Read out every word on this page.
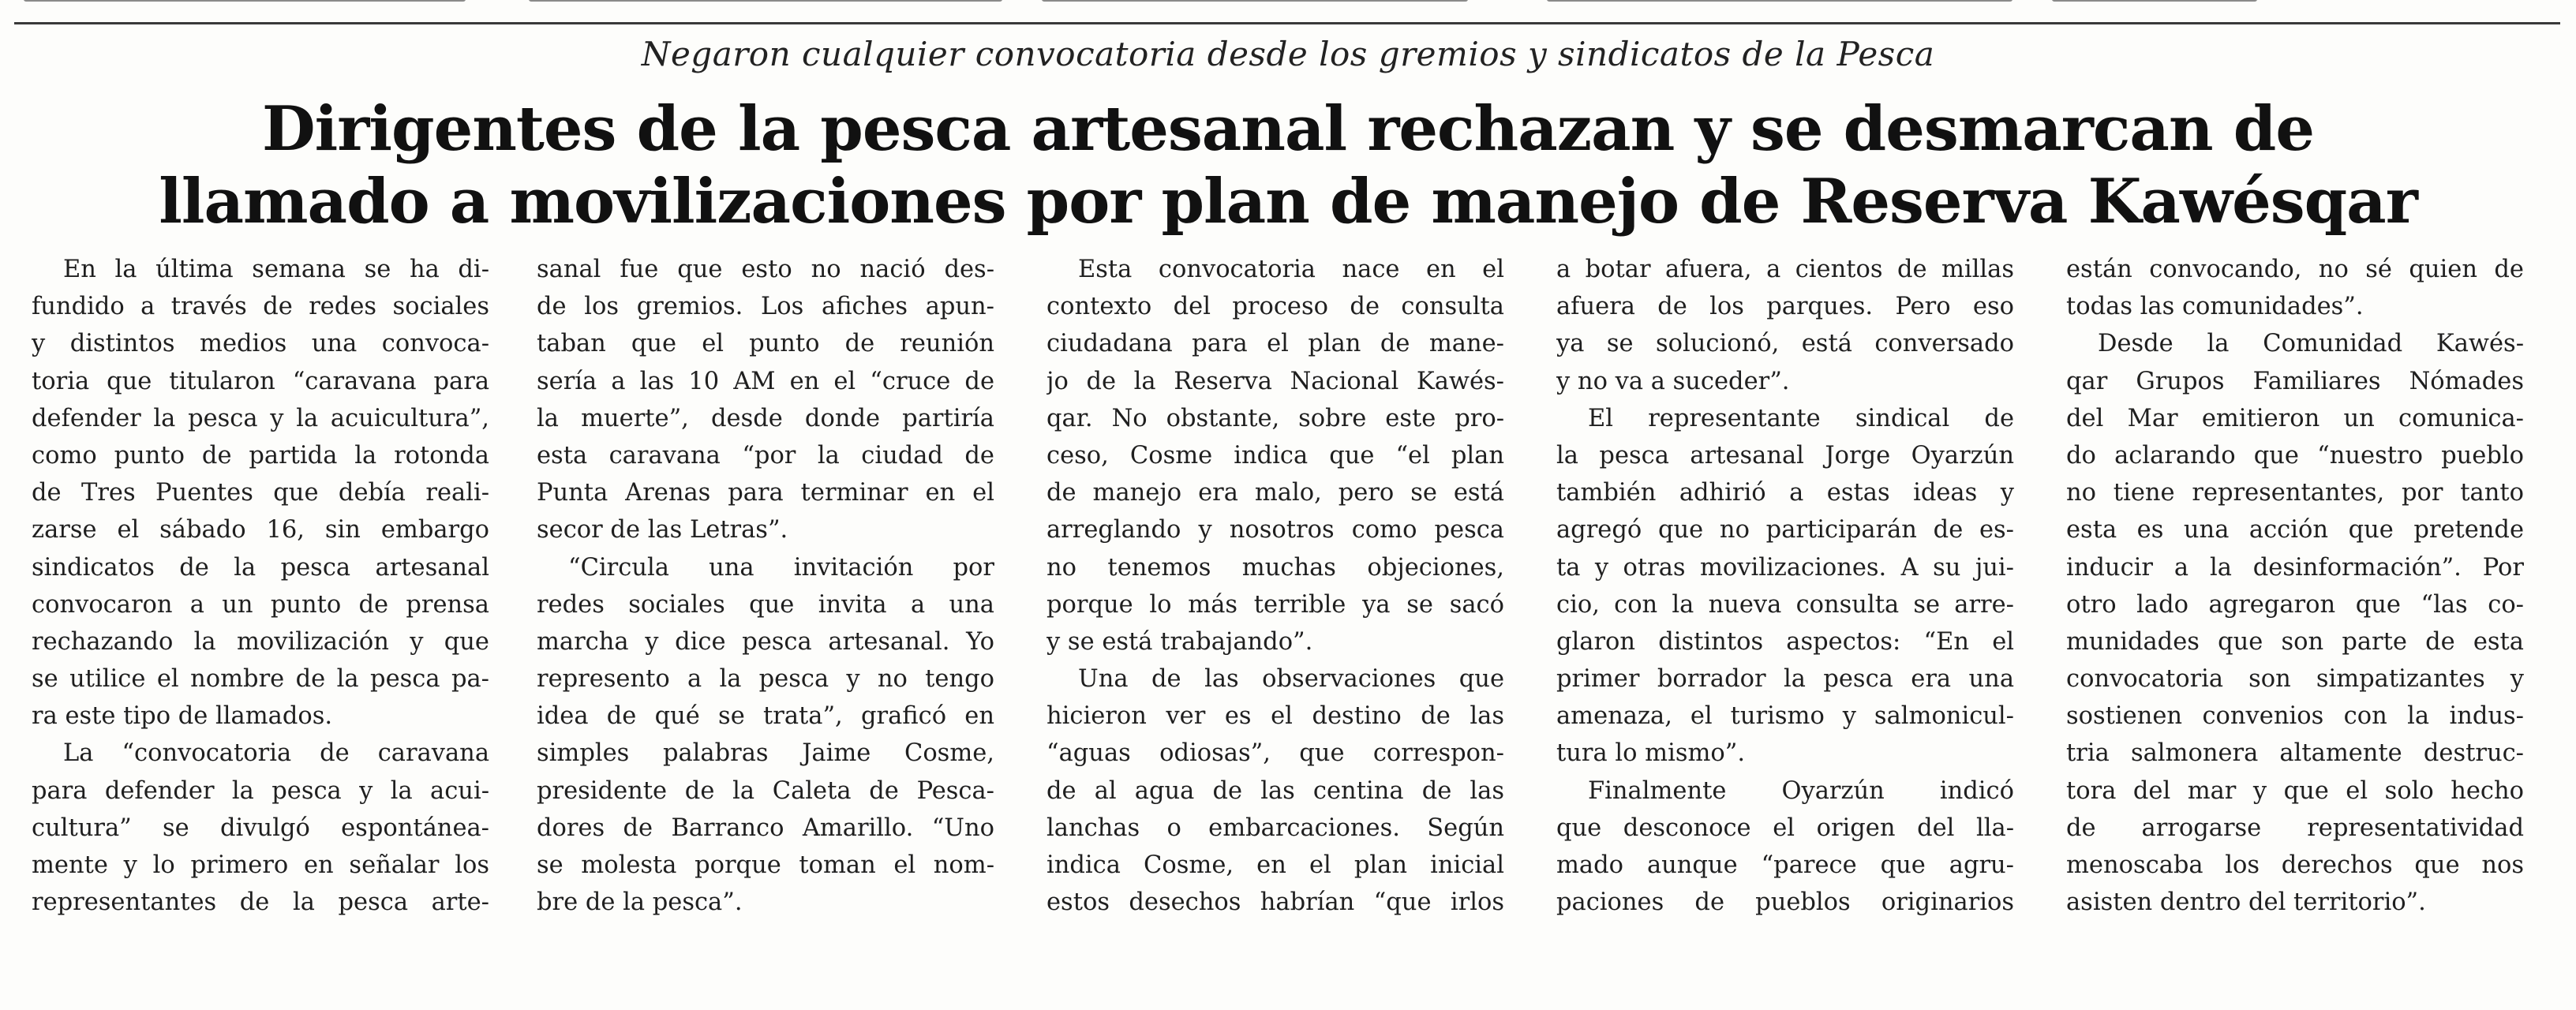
Negaron cualquier convocatoria desde los gremios y sindicatos de la Pesca
Dirigentes de la pesca artesanal rechazan y se desmarcan de
llamado a movilizaciones por plan de manejo de Reserva Kawésqar
En la última semana se ha di-
fundido a través de redes sociales
y distintos medios una convoca-
toria que titularon “caravana para
defender la pesca y la acuicultura”,
como punto de partida la rotonda
de Tres Puentes que debía reali-
zarse el sábado 16, sin embargo
sindicatos de la pesca artesanal
convocaron a un punto de prensa
rechazando la movilización y que
se utilice el nombre de la pesca pa-
ra este tipo de llamados.
La “convocatoria de caravana
para defender la pesca y la acui-
cultura” se divulgó espontánea-
mente y lo primero en señalar los
representantes de la pesca arte-
sanal fue que esto no nació des-
de los gremios. Los afiches apun-
taban que el punto de reunión
sería a las 10 AM en el “cruce de
la muerte”, desde donde partiría
esta caravana “por la ciudad de
Punta Arenas para terminar en el
secor de las Letras”.
“Circula una invitación por
redes sociales que invita a una
marcha y dice pesca artesanal. Yo
represento a la pesca y no tengo
idea de qué se trata”, graficó en
simples palabras Jaime Cosme,
presidente de la Caleta de Pesca-
dores de Barranco Amarillo. “Uno
se molesta porque toman el nom-
bre de la pesca”.
Esta convocatoria nace en el
contexto del proceso de consulta
ciudadana para el plan de mane-
jo de la Reserva Nacional Kawés-
qar. No obstante, sobre este pro-
ceso, Cosme indica que “el plan
de manejo era malo, pero se está
arreglando y nosotros como pesca
no tenemos muchas objeciones,
porque lo más terrible ya se sacó
y se está trabajando”.
Una de las observaciones que
hicieron ver es el destino de las
“aguas odiosas”, que correspon-
de al agua de las centina de las
lanchas o embarcaciones. Según
indica Cosme, en el plan inicial
estos desechos habrían “que irlos
a botar afuera, a cientos de millas
afuera de los parques. Pero eso
ya se solucionó, está conversado
y no va a suceder”.
El representante sindical de
la pesca artesanal Jorge Oyarzún
también adhirió a estas ideas y
agregó que no participarán de es-
ta y otras movilizaciones. A su jui-
cio, con la nueva consulta se arre-
glaron distintos aspectos: “En el
primer borrador la pesca era una
amenaza, el turismo y salmonicul-
tura lo mismo”.
Finalmente Oyarzún indicó
que desconoce el origen del lla-
mado aunque “parece que agru-
paciones de pueblos originarios
están convocando, no sé quien de
todas las comunidades”.
Desde la Comunidad Kawés-
qar Grupos Familiares Nómades
del Mar emitieron un comunica-
do aclarando que “nuestro pueblo
no tiene representantes, por tanto
esta es una acción que pretende
inducir a la desinformación”. Por
otro lado agregaron que “las co-
munidades que son parte de esta
convocatoria son simpatizantes y
sostienen convenios con la indus-
tria salmonera altamente destruc-
tora del mar y que el solo hecho
de arrogarse representatividad
menoscaba los derechos que nos
asisten dentro del territorio”.
